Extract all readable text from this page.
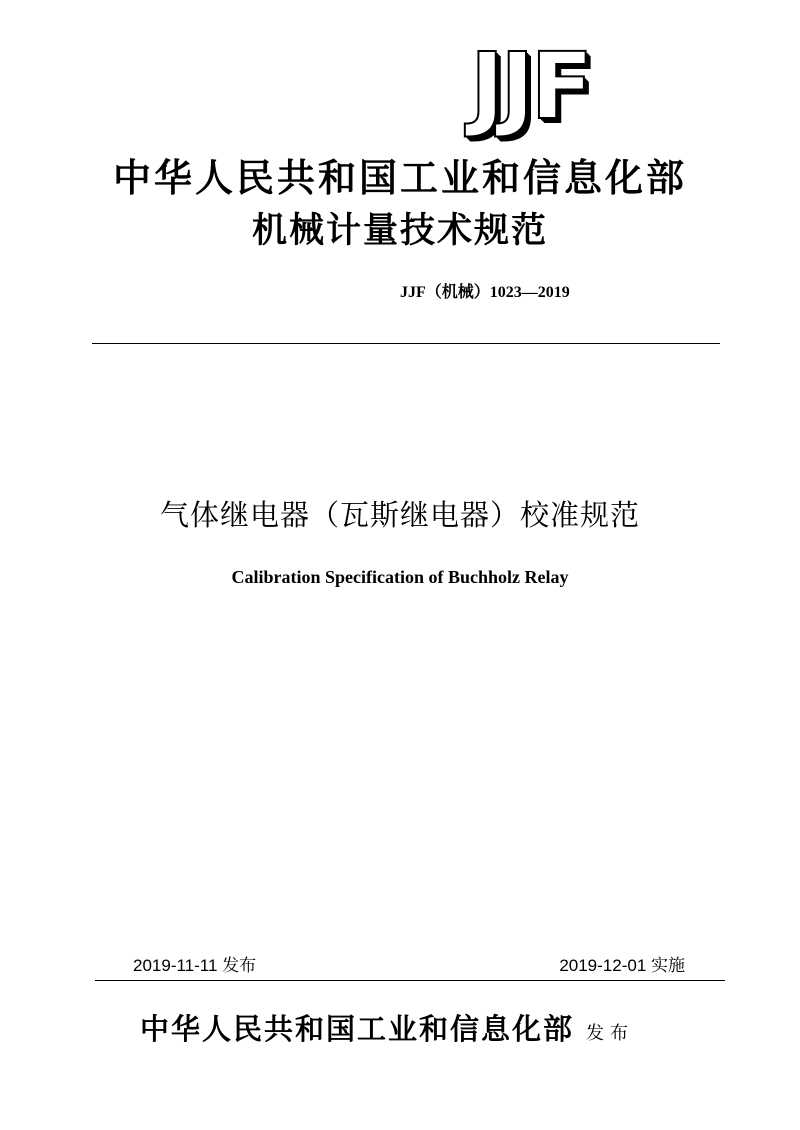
JJF
中华人民共和国工业和信息化部
机械计量技术规范
JJF（机械）1023—2019
气体继电器（瓦斯继电器）校准规范
Calibration Specification of Buchholz Relay
2019-11-11 发布	2019-12-01 实施
中华人民共和国工业和信息化部 发布
